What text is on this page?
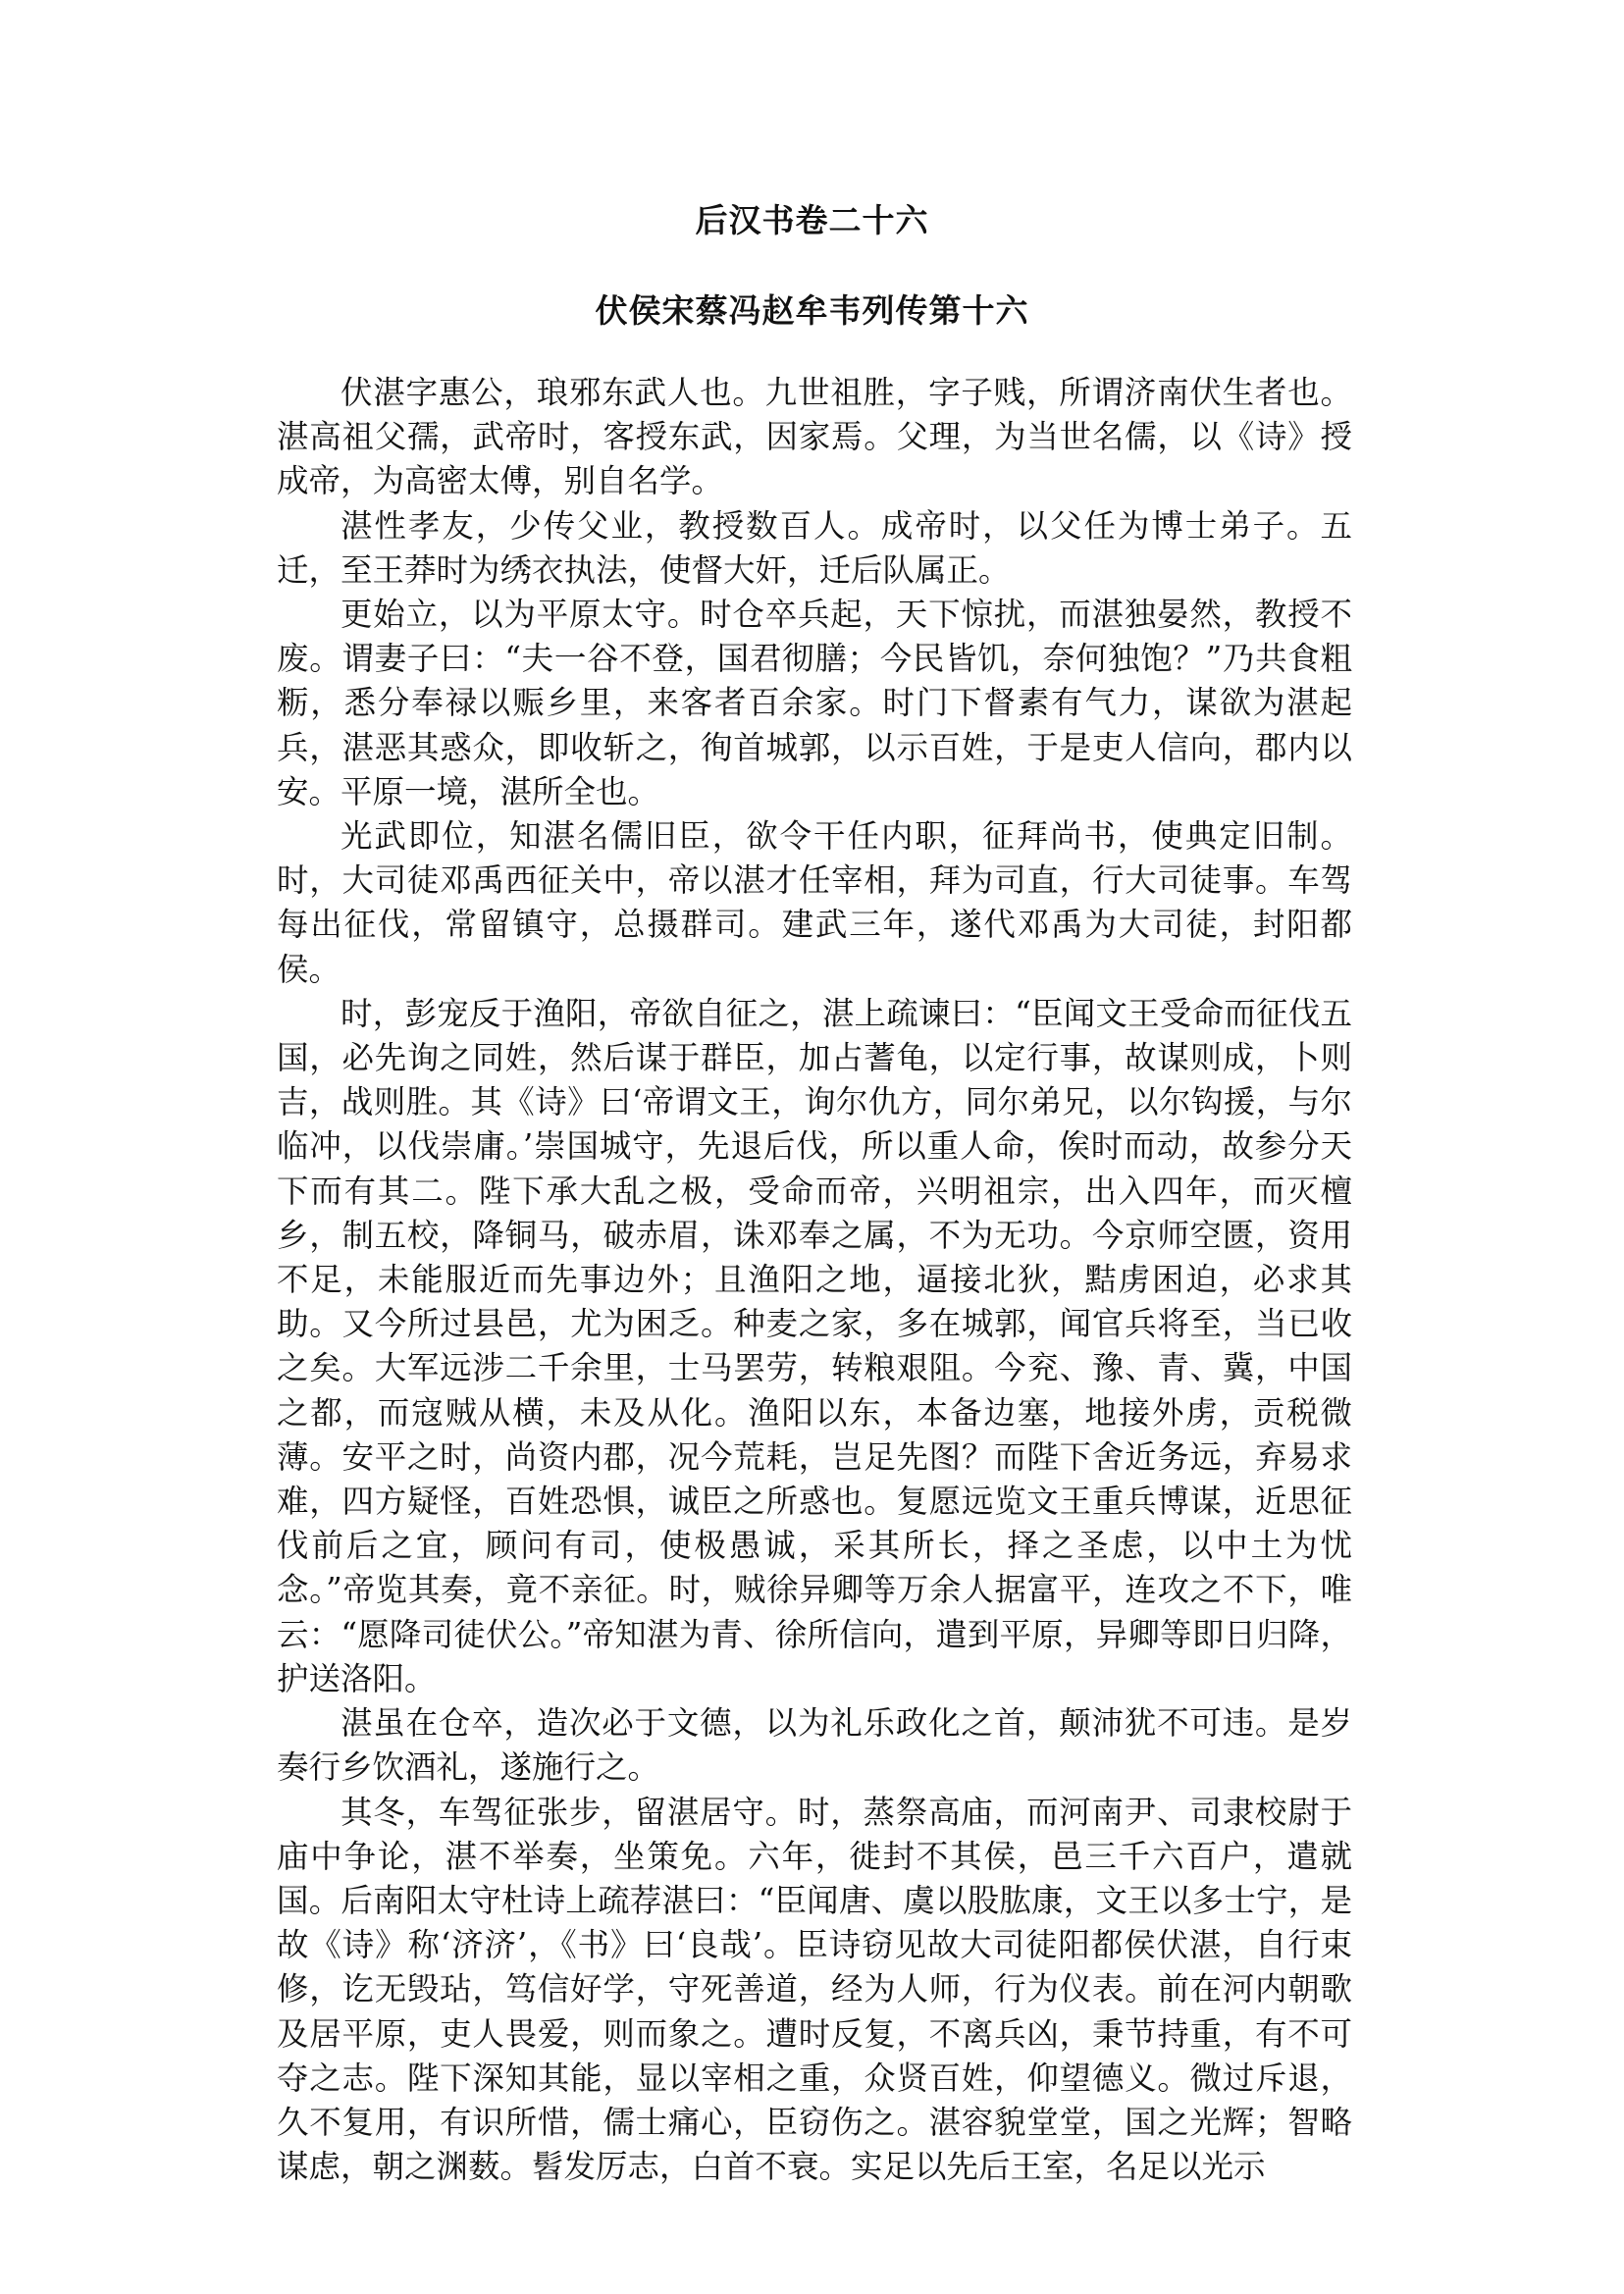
后汉书卷二十六
伏侯宋蔡冯赵牟韦列传第十六

伏湛字惠公，琅邪东武人也。九世祖胜，字子贱，所谓济南伏生者也。湛高祖父孺，武帝时，客授东武，因家焉。父理，为当世名儒，以《诗》授成帝，为高密太傅，别自名学。

湛性孝友，少传父业，教授数百人。成帝时，以父任为博士弟子。五迁，至王莽时为绣衣执法，使督大奸，迁后队属正。

更始立，以为平原太守。时仓卒兵起，天下惊扰，而湛独晏然，教授不废。谓妻子曰：“夫一谷不登，国君彻膳；今民皆饥，奈何独饱？”乃共食粗粝，悉分奉禄以赈乡里，来客者百余家。时门下督素有气力，谋欲为湛起兵，湛恶其惑众，即收斩之，徇首城郭，以示百姓，于是吏人信向，郡内以安。平原一境，湛所全也。

光武即位，知湛名儒旧臣，欲令干任内职，征拜尚书，使典定旧制。时，大司徒邓禹西征关中，帝以湛才任宰相，拜为司直，行大司徒事。车驾每出征伐，常留镇守，总摄群司。建武三年，遂代邓禹为大司徒，封阳都侯。

时，彭宠反于渔阳，帝欲自征之，湛上疏谏曰：“臣闻文王受命而征伐五国，必先询之同姓，然后谋于群臣，加占蓍龟，以定行事，故谋则成，卜则吉，战则胜。其《诗》曰‘帝谓文王，询尔仇方，同尔弟兄，以尔钩援，与尔临冲，以伐崇庸。’崇国城守，先退后伐，所以重人命，俟时而动，故参分天下而有其二。陛下承大乱之极，受命而帝，兴明祖宗，出入四年，而灭檀乡，制五校，降铜马，破赤眉，诛邓奉之属，不为无功。今京师空匮，资用不足，未能服近而先事边外；且渔阳之地，逼接北狄，黠虏困迫，必求其助。又今所过县邑，尤为困乏。种麦之家，多在城郭，闻官兵将至，当已收之矣。大军远涉二千余里，士马罢劳，转粮艰阻。今兖、豫、青、冀，中国之都，而寇贼从横，未及从化。渔阳以东，本备边塞，地接外虏，贡税微薄。安平之时，尚资内郡，况今荒耗，岂足先图？而陛下舍近务远，弃易求难，四方疑怪，百姓恐惧，诚臣之所惑也。复愿远览文王重兵博谋，近思征伐前后之宜，顾问有司，使极愚诚，采其所长，择之圣虑，以中土为忧念。”帝览其奏，竟不亲征。时，贼徐异卿等万余人据富平，连攻之不下，唯云：“愿降司徒伏公。”帝知湛为青、徐所信向，遣到平原，异卿等即日归降，护送洛阳。

湛虽在仓卒，造次必于文德，以为礼乐政化之首，颠沛犹不可违。是岁奏行乡饮酒礼，遂施行之。

其冬，车驾征张步，留湛居守。时，蒸祭高庙，而河南尹、司隶校尉于庙中争论，湛不举奏，坐策免。六年，徙封不其侯，邑三千六百户，遣就国。后南阳太守杜诗上疏荐湛曰：“臣闻唐、虞以股肱康，文王以多士宁，是故《诗》称‘济济’，《书》曰‘良哉’。臣诗窃见故大司徒阳都侯伏湛，自行束修，讫无毁玷，笃信好学，守死善道，经为人师，行为仪表。前在河内朝歌及居平原，吏人畏爱，则而象之。遭时反复，不离兵凶，秉节持重，有不可夺之志。陛下深知其能，显以宰相之重，众贤百姓，仰望德义。微过斥退，久不复用，有识所惜，儒士痛心，臣窃伤之。湛容貌堂堂，国之光辉；智略谋虑，朝之渊薮。髫发厉志，白首不衰。实足以先后王室，名足以光示
